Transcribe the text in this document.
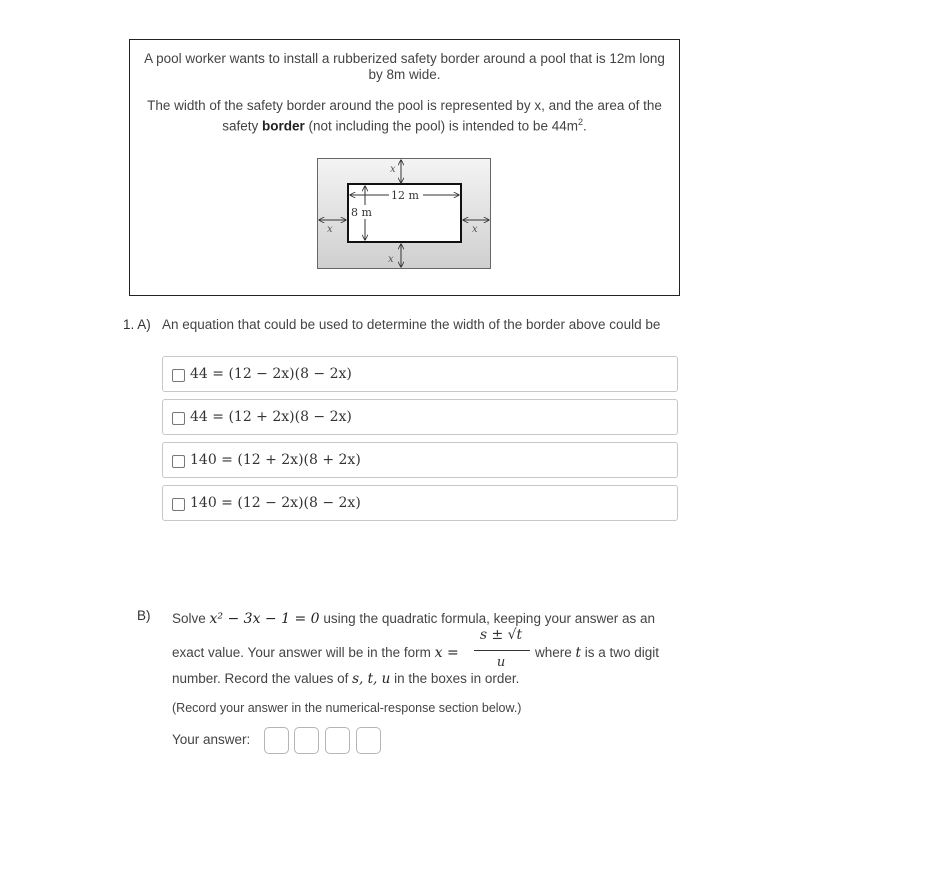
A pool worker wants to install a rubberized safety border around a pool that is 12m long by 8m wide.
The width of the safety border around the pool is represented by x, and the area of the safety border (not including the pool) is intended to be $44m^2$.
x
x
x	x
12 m
8 m
1. A) An equation that could be used to determine the width of the border above could be
44 = (12 − 2x)(8 − 2x)
44 = (12 + 2x)(8 − 2x)
140 = (12 + 2x)(8 + 2x)
140 = (12 − 2x)(8 − 2x)
B) Solve x² − 3x − 1 = 0 using the quadratic formula, keeping your answer as an
exact value. Your answer will be in the form x =
s ± √t
u
where t is a two digit
number. Record the values of s, t, u in the boxes in order.
(Record your answer in the numerical-response section below.)
Your answer:
